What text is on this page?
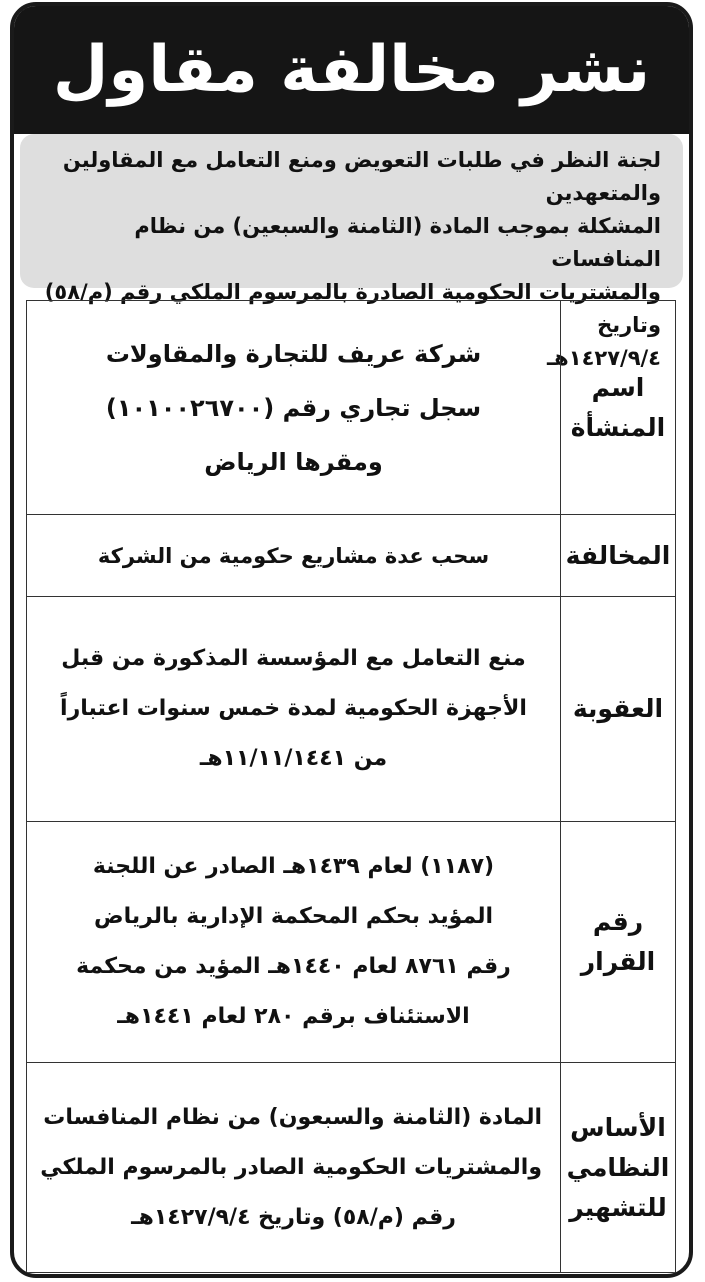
نشر مخالفة مقاول

لجنة النظر في طلبات التعويض ومنع التعامل مع المقاولين والمتعهدين

المشكلة بموجب المادة (الثامنة والسبعين) من نظام المنافسات

والمشتريات الحكومية الصادرة بالمرسوم الملكي رقم (م/٥٨) وتاريخ

١٤٢٧/٩/٤هـ

اسم
المنشأة	شركة عريف للتجارة والمقاولات
سجل تجاري رقم (١٠١٠٠٢٦٧٠٠)
ومقرها الرياض

المخالفة	سحب عدة مشاريع حكومية من الشركة

العقوبة	منع التعامل مع المؤسسة المذكورة من قبل
الأجهزة الحكومية لمدة خمس سنوات اعتباراً
من ١١/١١/١٤٤١هـ

رقم
القرار	(١١٨٧) لعام ١٤٣٩هـ الصادر عن اللجنة
المؤيد بحكم المحكمة الإدارية بالرياض
رقم ٨٧٦١ لعام ١٤٤٠هـ المؤيد من محكمة
الاستئناف برقم ٢٨٠ لعام ١٤٤١هـ

الأساس
النظامي
للتشهير	المادة (الثامنة والسبعون) من نظام المنافسات
والمشتريات الحكومية الصادر بالمرسوم الملكي
رقم (م/٥٨) وتاريخ ١٤٢٧/٩/٤هـ
